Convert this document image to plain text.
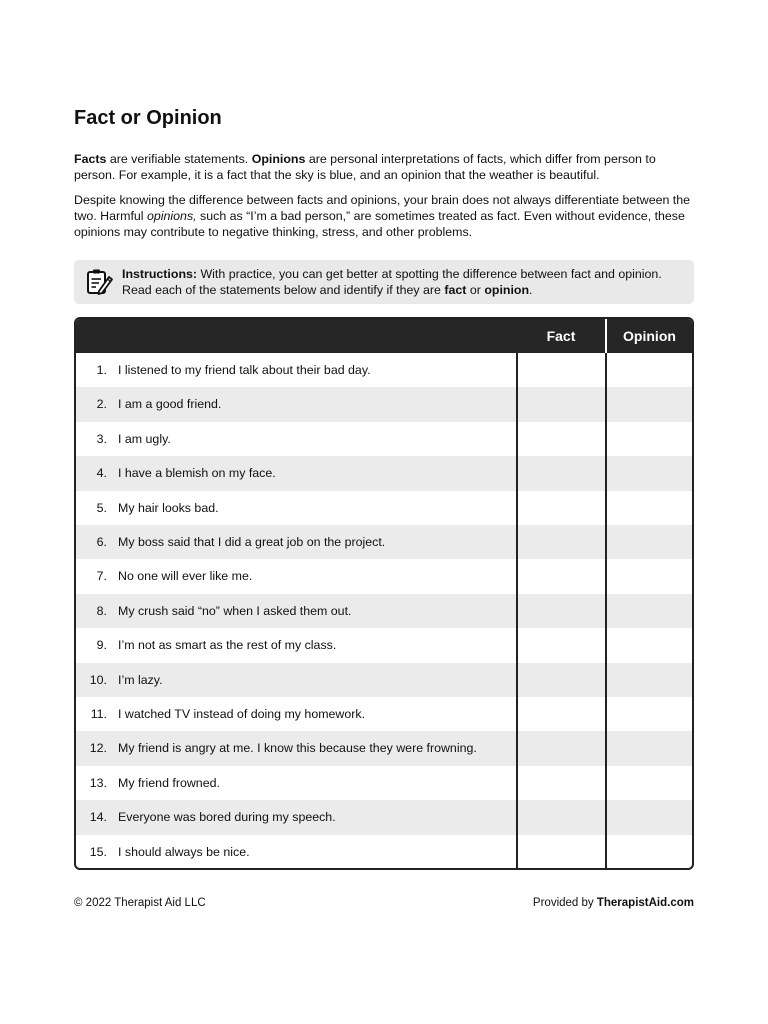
Fact or Opinion

Facts are verifiable statements. Opinions are personal interpretations of facts, which differ from person to person. For example, it is a fact that the sky is blue, and an opinion that the weather is beautiful.

Despite knowing the difference between facts and opinions, your brain does not always differentiate between the two. Harmful opinions, such as “I’m a bad person,” are sometimes treated as fact. Even without evidence, these opinions may contribute to negative thinking, stress, and other problems.

Instructions: With practice, you can get better at spotting the difference between fact and opinion. Read each of the statements below and identify if they are fact or opinion.
Fact	Opinion
1. I listened to my friend talk about their bad day.
2. I am a good friend.
3. I am ugly.
4. I have a blemish on my face.
5. My hair looks bad.
6. My boss said that I did a great job on the project.
7. No one will ever like me.
8. My crush said “no” when I asked them out.
9. I’m not as smart as the rest of my class.
10. I’m lazy.
11. I watched TV instead of doing my homework.
12. My friend is angry at me. I know this because they were frowning.
13. My friend frowned.
14. Everyone was bored during my speech.
15. I should always be nice.
© 2022 Therapist Aid LLC	Provided by TherapistAid.com
